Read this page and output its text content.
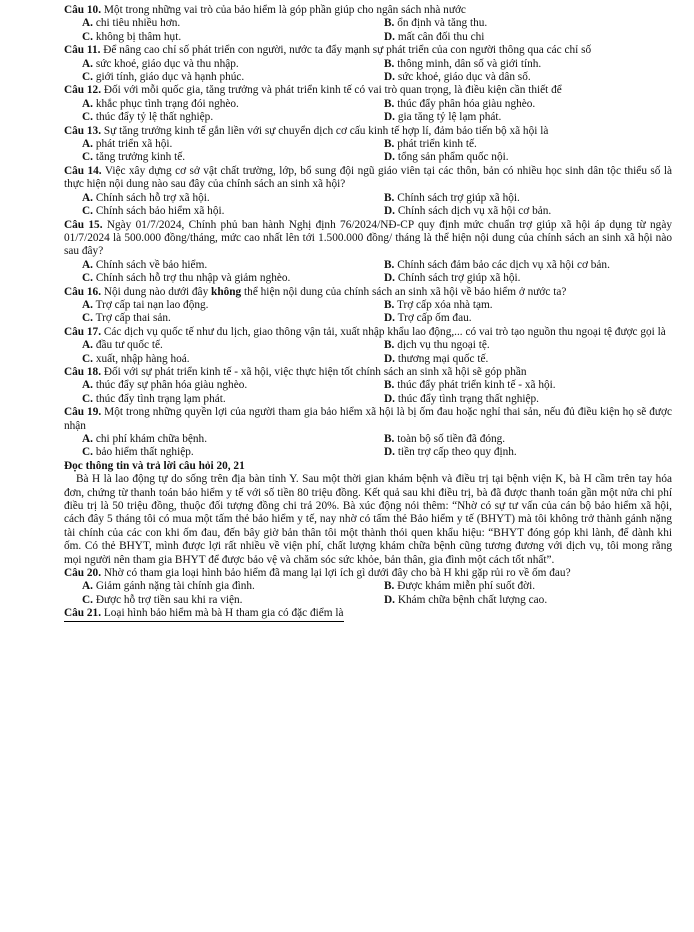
Câu 10. Một trong những vai trò của bảo hiểm là góp phần giúp cho ngân sách nhà nước
A. chi tiêu nhiều hơn.	B. ổn định và tăng thu.
C. không bị thâm hụt.	D. mất cân đối thu chi
Câu 11. Để nâng cao chỉ số phát triển con người, nước ta đẩy mạnh sự phát triển của con người thông qua các chỉ số
A. sức khoẻ, giáo dục và thu nhập.	B. thông minh, dân số và giới tính.
C. giới tính, giáo dục và hạnh phúc.	D. sức khoẻ, giáo dục và dân số.
Câu 12. Đối với mỗi quốc gia, tăng trưởng và phát triển kinh tế có vai trò quan trọng, là điều kiện cần thiết để
A. khắc phục tình trạng đói nghèo.	B. thúc đẩy phân hóa giàu nghèo.
C. thúc đẩy tỷ lệ thất nghiệp.	D. gia tăng tỷ lệ lạm phát.
Câu 13. Sự tăng trưởng kinh tế gắn liền với sự chuyển dịch cơ cấu kinh tế hợp lí, đảm bảo tiến bộ xã hội là
A. phát triển xã hội.	B. phát triển kinh tế.
C. tăng trưởng kinh tế.	D. tổng sản phẩm quốc nội.
Câu 14. Việc xây dựng cơ sở vật chất trường, lớp, bổ sung đội ngũ giáo viên tại các thôn, bản có nhiều học sinh dân tộc thiểu số là thực hiện nội dung nào sau đây của chính sách an sinh xã hội?
A. Chính sách hỗ trợ xã hội.	B. Chính sách trợ giúp xã hội.
C. Chính sách bảo hiểm xã hội.	D. Chính sách dịch vụ xã hội cơ bản.
Câu 15. Ngày 01/7/2024, Chính phủ ban hành Nghị định 76/2024/NĐ-CP quy định mức chuẩn trợ giúp xã hội áp dụng từ ngày 01/7/2024 là 500.000 đồng/tháng, mức cao nhất lên tới 1.500.000 đồng/ tháng là thể hiện nội dung của chính sách an sinh xã hội nào sau đây?
A. Chính sách về bảo hiểm.	B. Chính sách đảm bảo các dịch vụ xã hội cơ bản.
C. Chính sách hỗ trợ thu nhập và giảm nghèo.	D. Chính sách trợ giúp xã hội.
Câu 16. Nội dung nào dưới đây không thể hiện nội dung của chính sách an sinh xã hội về bảo hiểm ở nước ta?
A. Trợ cấp tai nạn lao động.	B. Trợ cấp xóa nhà tạm.
C. Trợ cấp thai sản.	D. Trợ cấp ốm đau.
Câu 17. Các dịch vụ quốc tế như du lịch, giao thông vận tải, xuất nhập khẩu lao động,... có vai trò tạo nguồn thu ngoại tệ được gọi là
A. đầu tư quốc tế.	B. dịch vụ thu ngoại tệ.
C. xuất, nhập hàng hoá.	D. thương mại quốc tế.
Câu 18. Đối với sự phát triển kinh tế - xã hội, việc thực hiện tốt chính sách an sinh xã hội sẽ góp phần
A. thúc đẩy sự phân hóa giàu nghèo.	B. thúc đẩy phát triển kinh tế - xã hội.
C. thúc đẩy tình trạng lạm phát.	D. thúc đẩy tình trạng thất nghiệp.
Câu 19. Một trong những quyền lợi của người tham gia bảo hiểm xã hội là bị ốm đau hoặc nghỉ thai sản, nếu đủ điều kiện họ sẽ được nhận
A. chi phí khám chữa bệnh.	B. toàn bộ số tiền đã đóng.
C. bảo hiểm thất nghiệp.	D. tiền trợ cấp theo quy định.
Đọc thông tin và trả lời câu hỏi 20, 21

Bà H là lao động tự do sống trên địa bàn tỉnh Y. Sau một thời gian khám bệnh và điều trị tại bệnh viện K, bà H cầm trên tay hóa đơn, chứng từ thanh toán bảo hiểm y tế với số tiền 80 triệu đồng. Kết quả sau khi điều trị, bà đã được thanh toán gần một nửa chi phí điều trị là 50 triệu đồng, thuộc đối tượng đồng chi trả 20%. Bà xúc động nói thêm: “Nhờ có sự tư vấn của cán bộ bảo hiểm xã hội, cách đây 5 tháng tôi có mua một tấm thẻ bảo hiểm y tế, nay nhờ có tấm thẻ Bảo hiểm y tế (BHYT) mà tôi không trở thành gánh nặng tài chính của các con khi ốm đau, đến bây giờ bản thân tôi một thành thói quen khẩu hiệu: “BHYT đóng góp khi lành, để dành khi ốm. Có thẻ BHYT, mình được lợi rất nhiều về viện phí, chất lượng khám chữa bệnh cũng tương đương với dịch vụ, tôi mong rằng mọi người nên tham gia BHYT để được bảo vệ và chăm sóc sức khỏe, bản thân, gia đình một cách tốt nhất”.

Câu 20. Nhờ có tham gia loại hình bảo hiểm đã mang lại lợi ích gì dưới đây cho bà H khi gặp rủi ro về ốm đau?
A. Giảm gánh nặng tài chính gia đình.	B. Được khám miễn phí suốt đời.
C. Được hỗ trợ tiền sau khi ra viện.	D. Khám chữa bệnh chất lượng cao.
Câu 21. Loại hình bảo hiểm mà bà H tham gia có đặc điểm là
